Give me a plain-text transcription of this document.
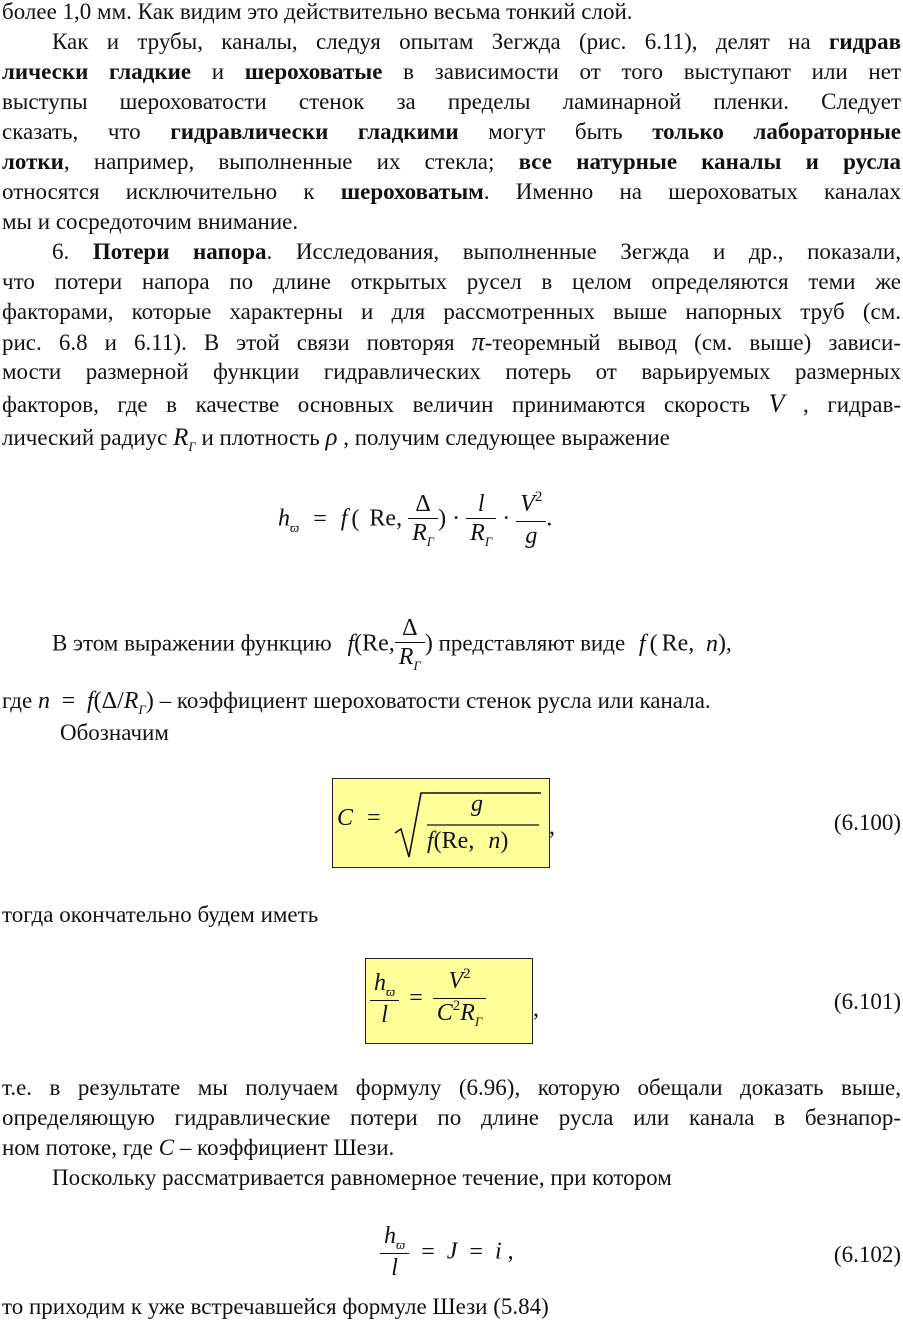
более 1,0 мм. Как видим это действительно весьма тонкий слой.
Как и трубы, каналы, следуя опытам Зегжда (рис. 6.11), делят на гидрав
лически гладкие и шероховатые в зависимости от того выступают или нет
выступы шероховатости стенок за пределы ламинарной пленки. Следует
сказать, что гидравлически гладкими могут быть только лабораторные
лотки, например, выполненные их стекла; все натурные каналы и русла
относятся исключительно к шероховатым. Именно на шероховатых каналах
мы и сосредоточим внимание.
6. Потери напора. Исследования, выполненные Зегжда и др., показали,
что потери напора по длине открытых русел в целом определяются теми же
факторами, которые характерны и для рассмотренных выше напорных труб (см.
рис. 6.8 и 6.11). В этой связи повторяя π-теоремный вывод (см. выше) зависи-
мости размерной функции гидравлических потерь от варьируемых размерных
факторов, где в качестве основных величин принимаются скорость V , гидрав-
лический радиус $R_Г$ и плотность ρ , получим следующее выражение
$h_ϖ = f$ ( Re, $\frac{\Delta}{R_Г}$ ) · $\frac{l}{R_Г} \cdot \frac{V^2}{g}$ .
В этом выражении функцию f(Re, $\frac{\Delta}{R_Г}$ ) представляют виде f ( Re, n),
где $n = f(\Delta/R_Г)$ – коэффициент шероховатости стенок русла или канала.
Обозначим
C =
g
f(Re, n)
,	(6.100)
тогда окончательно будем иметь
$\frac{h_ϖ}{l} = \frac{V^2}{C^2R_Г}$ ,	(6.101)
т.е. в результате мы получаем формулу (6.96), которую обещали доказать выше,
определяющую гидравлические потери по длине русла или канала в безнапор-
ном потоке, где C – коэффициент Шези.
Поскольку рассматривается равномерное течение, при котором
$\frac{h_ϖ}{l} = J = i$ ,	(6.102)
то приходим к уже встречавшейся формуле Шези (5.84)
